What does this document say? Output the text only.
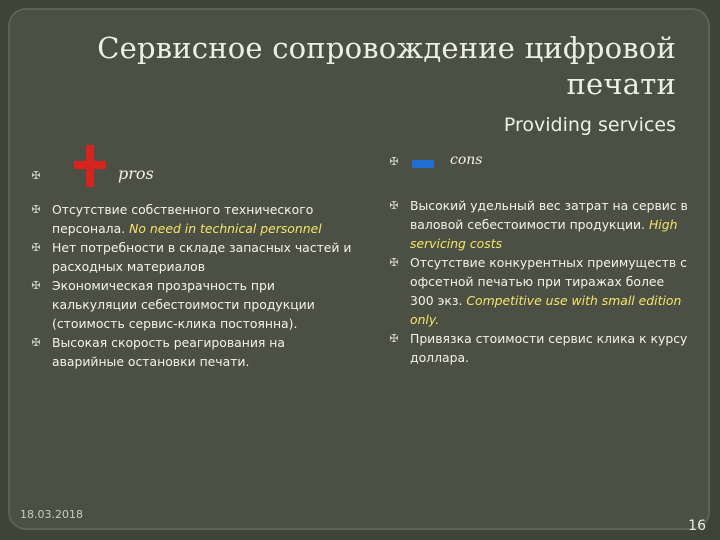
Сервисное сопровождение цифровой печати
Providing services
✠	pros
✠ Отсутствие собственного технического персонала. No need in technical personnel
✠ Нет потребности в складе запасных частей и расходных материалов
✠ Экономическая прозрачность при калькуляции себестоимости продукции (стоимость сервис-клика постоянна).
✠ Высокая скорость реагирования на аварийные остановки печати.
✠	cons
✠ Высокий удельный вес затрат на сервис в валовой себестоимости продукции. High servicing costs
✠ Отсутствие конкурентных преимуществ с офсетной печатью при тиражах более 300 экз. Competitive use with small edition only.
✠ Привязка стоимости сервис клика к курсу доллара.
18.03.2018
16
